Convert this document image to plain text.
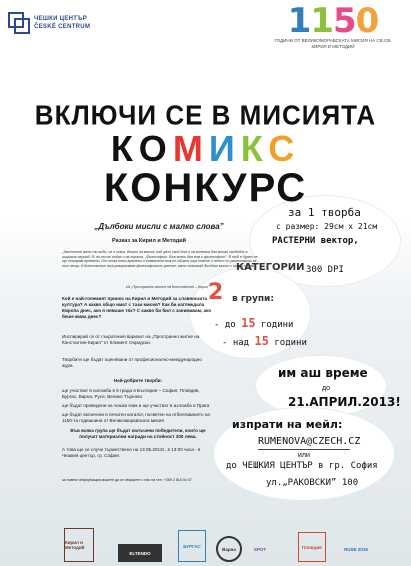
ЧЕШКИ ЦЕНТЪР
ČESKÉ CENTRUM	1150
ГОДИНИ ОТ ВЕЛИКОМОРАВСКАТА МИСИЯ НА СВ.СВ. КИРИЛ И МЕТОДИЙ
ВКЛЮЧИ СЕ В МИСИЯТА
КОМИКС
КОНКУРС
„Дълбоки мисли с малко слова”
Разказ за Кирил и Методий
„Започнете като то види, че е така, дошли на място над цели свой дом и на големия дял много свободно в широкия период. Я, по-късно видях и на хората. „Философът. Във всеки дял виж и философът”. Я той е бурен не ще откарам времето. От това тези времени и отмяната виж по-обикно още повече и често по разпитващи за тих неща. И Константин виж разкрасявае философското умение, като неговиай дълбоки мисли с малко слова.”
Из „Пространно житие на Константин – Кирил”
Кой е най-големият принос на Кирил и Методий за славянската култура? А какво общо имат с тази мисия? Как би изглеждала Европа днес, ако я нямаше тях? С какво би бил с занимавам, ако беше жива днес?
Инспирирай се от съкратения вариант на „Пространно житие на Константин-Кирил” от Климент Охридски.
Творбите ще бъдат оценявани от професионално-международно жури.
Най-добрите творби:
ще участват в изложба в 6 града в България – София, Пловдив, Бургас, Варна, Русе, Велико Търново
ще бъдат преведени на чешки език и ще участват в изложба в Прага
ще бъдат включени в печатен каталог, посветен на отбелязването на 1150-та годишнина от Великоморавската мисия
Във всяка група ще бъдат излъчени победители, които ще получат материални награди на стойност 300 лева.
А това ще се случи тържествено на 13.05.2013г., в 13:00 часа - в Чешкия център, гр. София.
за повече информация можете да се свържете с нас на тел. +359 2 815 04 07
за 1 творба
с размер: 29см х 21см
РАСТЕРНИ вектор,
300 DPI
КАТЕГОРИИ
2 в групи:
- до 15 години
- над 15 години
им аш време
до
21.АПРИЛ.2013!
изпрати на мейл:
RUMENOVA@CZECH.CZ
или
до ЧЕШКИЯ ЦЕНТЪР в гр. София
ул.„РАКОВСКИ” 100
Кирил и Методий
ELTENDO
БУРГАС
Варна	SPOT	Пловдив	RUSE 2019
